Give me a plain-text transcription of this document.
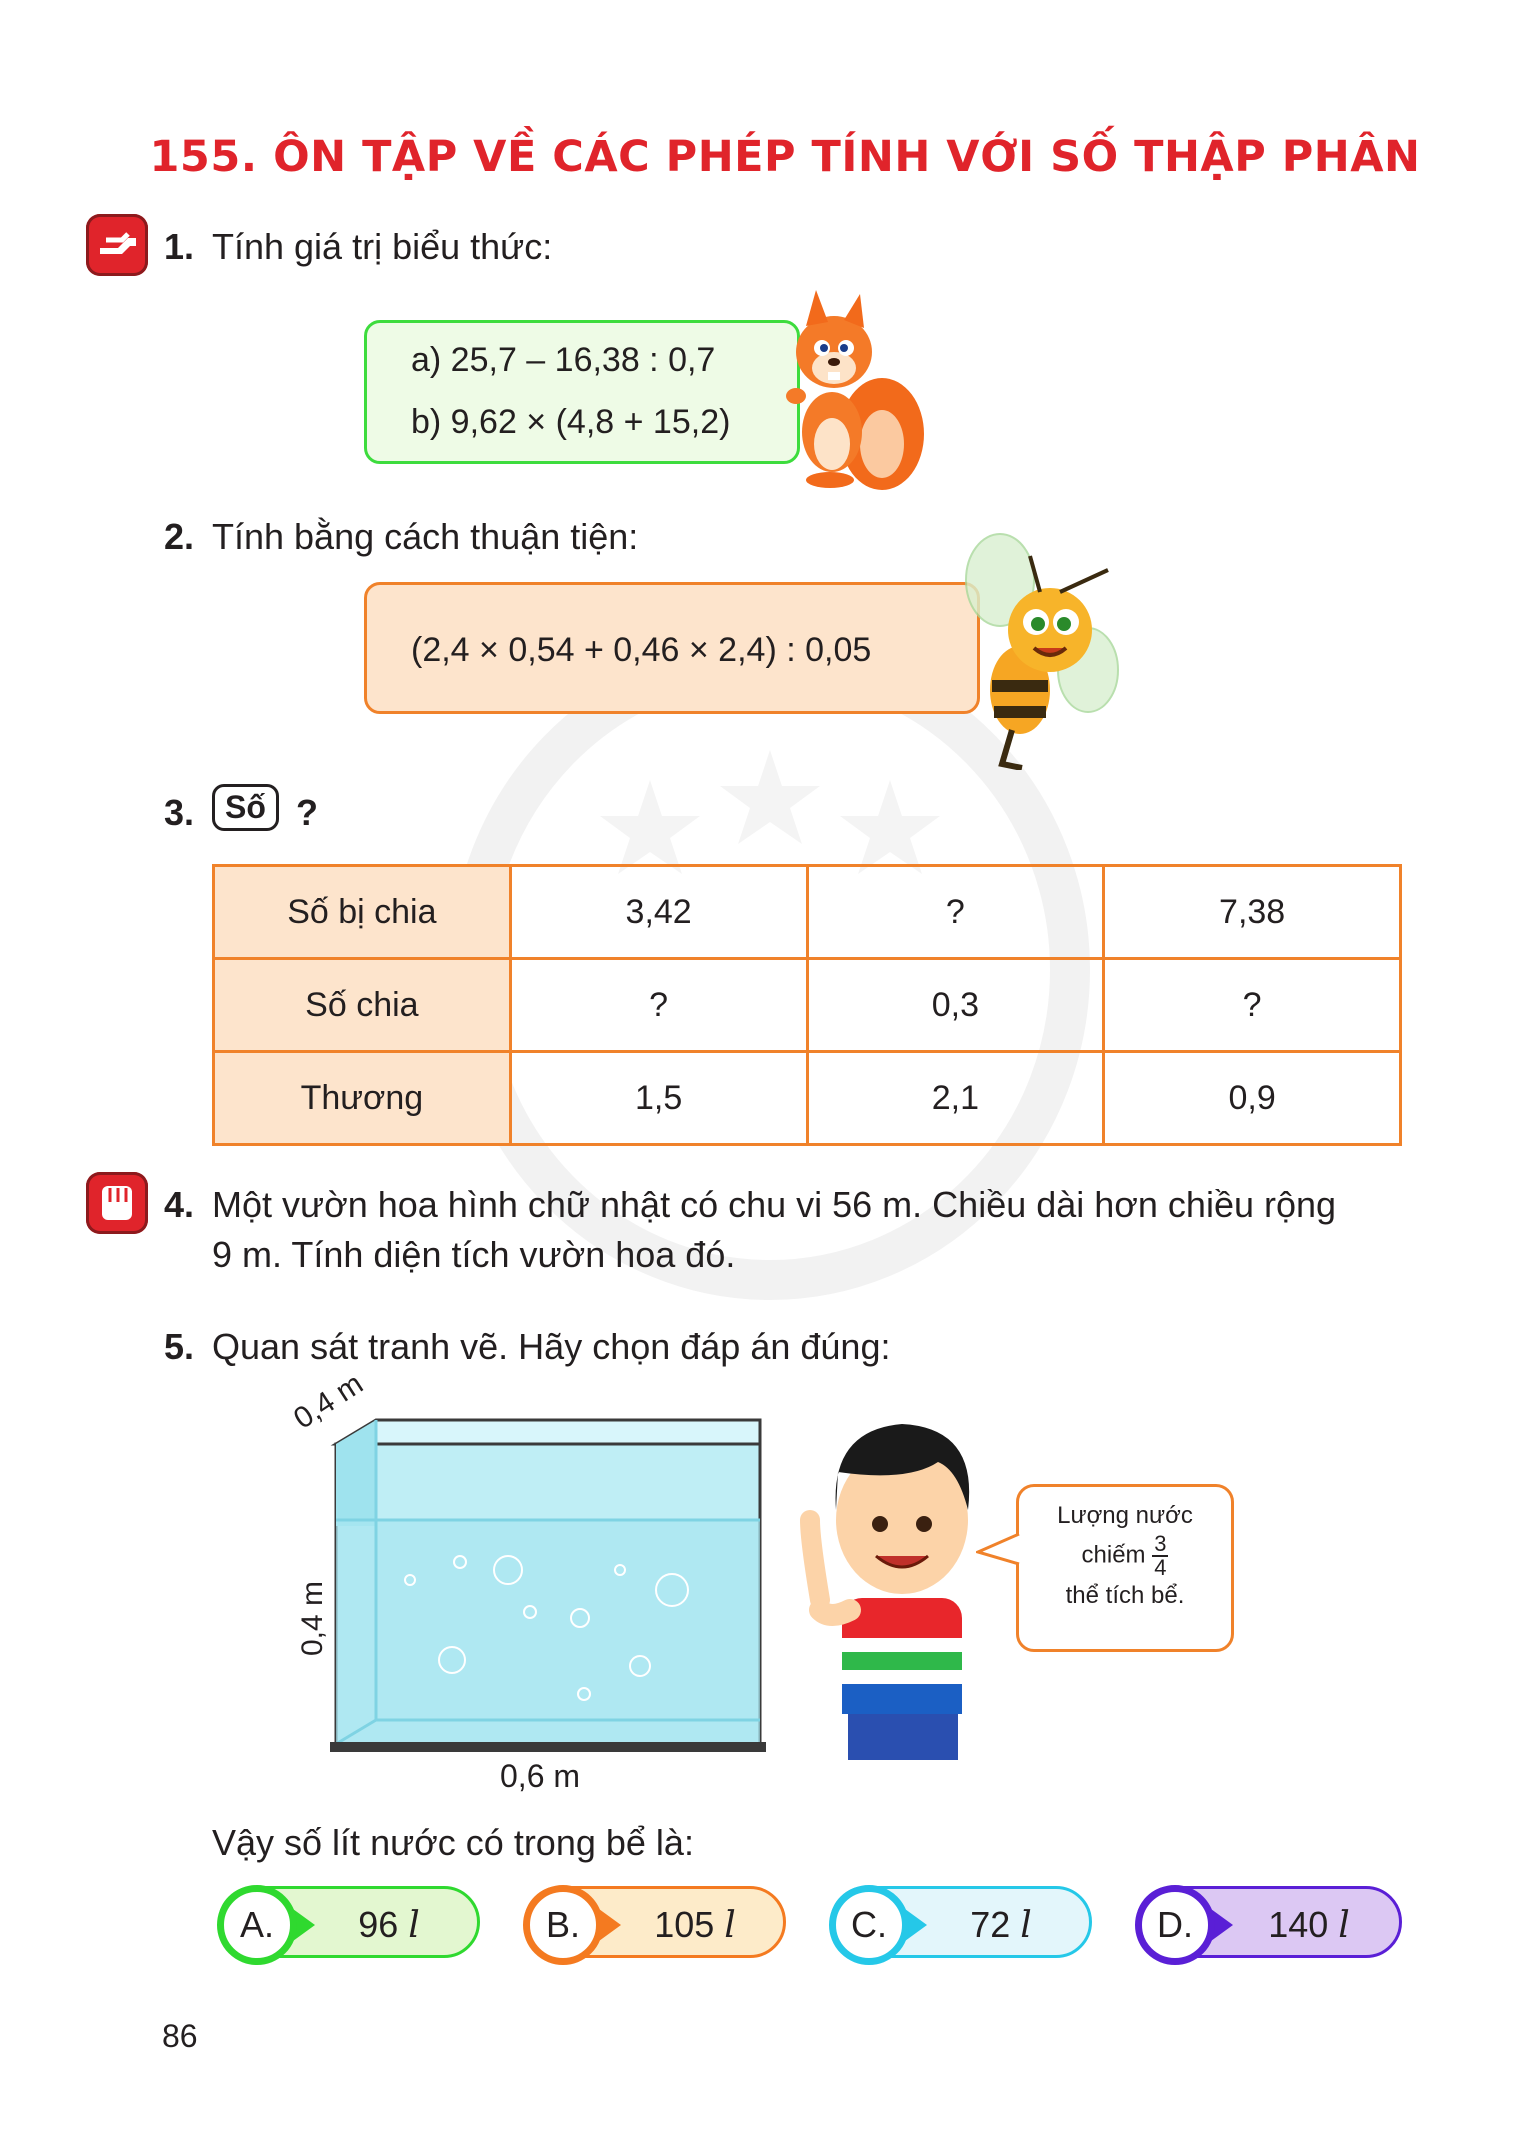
155. ÔN TẬP VỀ CÁC PHÉP TÍNH VỚI SỐ THẬP PHÂN
1. Tính giá trị biểu thức:
a) 25,7 – 16,38 : 0,7
b) 9,62 × (4,8 + 15,2)
2. Tính bằng cách thuận tiện:
(2,4 × 0,54 + 0,46 × 2,4) : 0,05
3. Số ?
Số bị chia	3,42	?	7,38
Số chia	?	0,3	?
Thương	1,5	2,1	0,9
4. Một vườn hoa hình chữ nhật có chu vi 56 m. Chiều dài hơn chiều rộng
9 m. Tính diện tích vườn hoa đó.
5. Quan sát tranh vẽ. Hãy chọn đáp án đúng:
0,4 m
0,4 m
0,6 m
Lượng nước
chiếm $\frac{3}{4}$
thể tích bể.
Vậy số lít nước có trong bể là:
A.	96
l	B.	105
l	C.	72
l	D.	140
l
86
